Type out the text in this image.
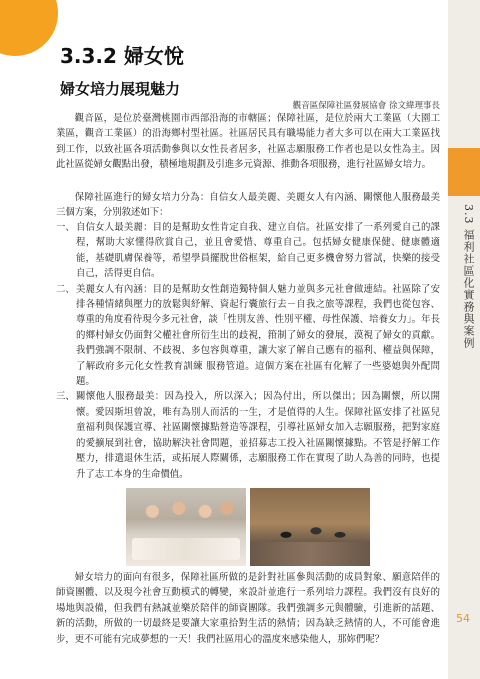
3.3 福利社區化實務與案例
54
3.3.2 婦女悅
婦女培力展現魅力
觀音區保障社區發展協會 徐文緯理事長

觀音區，是位於臺灣桃園市西部沿海的市轄區；保障社區，是位於兩大工業區（大園工業區，觀音工業區）的沿海鄉村型社區。社區居民具有職場能力者大多可以在兩大工業區找到工作，以致社區各項活動參與以女性長者居多，社區志願服務工作者也是以女性為主。因此社區從婦女觀點出發，積極地規劃及引進多元資源、推動各項服務，進行社區婦女培力。

保障社區進行的婦女培力分為：自信女人最美麗、美麗女人有內涵、關懷他人服務最美三個方案，分別敘述如下：

一、 自信女人最美麗：目的是幫助女性肯定自我、建立自信。社區安排了一系列愛自己的課程，幫助大家懂得欣賞自己，並且會愛惜、尊重自己。包括婦女健康保健、健康體適能，基礎肌膚保養等，希望學員擺脫世俗框架，給自己更多機會努力嘗試，快樂的接受自己，活得更自信。
二、 美麗女人有內涵：目的是幫助女性創造獨特個人魅力並與多元社會做連結。社區除了安排各種情緒與壓力的放鬆與紓解、資起行囊旅行去－自我之旅等課程，我們也從包容、尊重的角度看待現今多元社會，談「性別友善、性別平權、母性保護、培養女力」。年長的鄉村婦女仍面對父權社會所衍生出的歧視，箝制了婦女的發展，漠視了婦女的貢獻。我們強調不限制、不歧視、多包容與尊重，讓大家了解自己應有的福利、權益與保障，了解政府多元化女性教育訓練 服務管道。這個方案在社區有化解了一些婆媳與外配問題。
三、 關懷他人服務最美：因為投入，所以深入；因為付出，所以傑出；因為關懷，所以開懷。愛因斯坦曾說，唯有為別人而活的一生，才是值得的人生。保障社區安排了社區兒童福利與保護宣導、社區關懷據點營造等課程，引導社區婦女加入志願服務，把對家庭的愛擴展到社會，協助解決社會問題，並招募志工投入社區關懷據點。不管是抒解工作壓力，排遣退休生活，或拓展人際關係，志願服務工作在實現了助人為善的同時，也提升了志工本身的生命價值。

婦女培力的面向有很多，保障社區所做的是針對社區參與活動的成員對象、願意陪伴的師資團體、以及現今社會互動模式的轉變，來設計並進行一系列培力課程。我們沒有良好的場地與設備，但我們有熱誠並樂於陪伴的師資團隊。我們強調多元與體驗，引進新的話題、新的活動，所做的一切最終是要讓大家重拾對生活的熱情；因為缺乏熱情的人，不可能會進步，更不可能有完成夢想的一天！我們社區用心的溫度來感染他人，那妳們呢？
